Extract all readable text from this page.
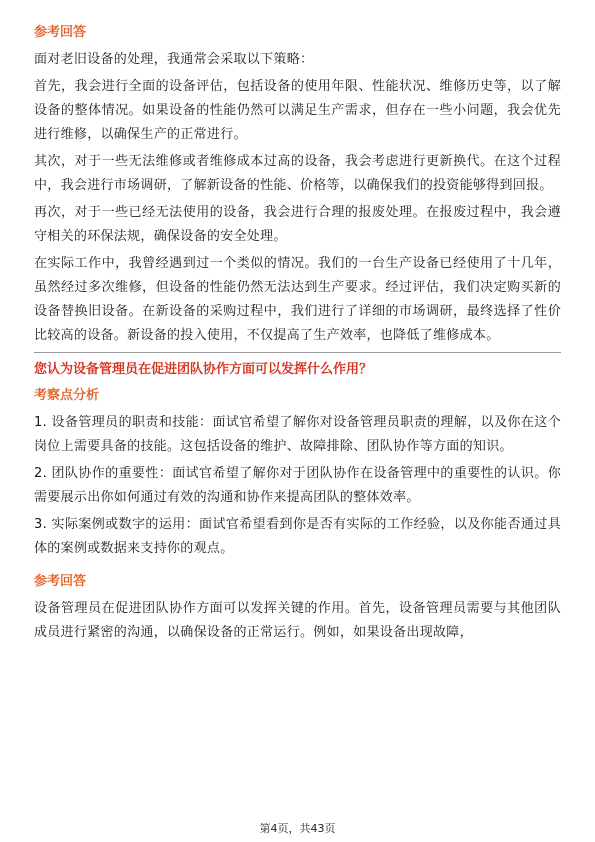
参考回答

面对老旧设备的处理，我通常会采取以下策略：

首先，我会进行全面的设备评估，包括设备的使用年限、性能状况、维修历史等，以了解设备的整体情况。如果设备的性能仍然可以满足生产需求，但存在一些小问题，我会优先进行维修，以确保生产的正常进行。

其次，对于一些无法维修或者维修成本过高的设备，我会考虑进行更新换代。在这个过程中，我会进行市场调研，了解新设备的性能、价格等，以确保我们的投资能够得到回报。

再次，对于一些已经无法使用的设备，我会进行合理的报废处理。在报废过程中，我会遵守相关的环保法规，确保设备的安全处理。

在实际工作中，我曾经遇到过一个类似的情况。我们的一台生产设备已经使用了十几年，虽然经过多次维修，但设备的性能仍然无法达到生产要求。经过评估，我们决定购买新的设备替换旧设备。在新设备的采购过程中，我们进行了详细的市场调研，最终选择了性价比较高的设备。新设备的投入使用，不仅提高了生产效率，也降低了维修成本。

您认为设备管理员在促进团队协作方面可以发挥什么作用？
考察点分析

1. 设备管理员的职责和技能：面试官希望了解你对设备管理员职责的理解，以及你在这个岗位上需要具备的技能。这包括设备的维护、故障排除、团队协作等方面的知识。

2. 团队协作的重要性：面试官希望了解你对于团队协作在设备管理中的重要性的认识。你需要展示出你如何通过有效的沟通和协作来提高团队的整体效率。

3. 实际案例或数字的运用：面试官希望看到你是否有实际的工作经验，以及你能否通过具体的案例或数据来支持你的观点。

参考回答

设备管理员在促进团队协作方面可以发挥关键的作用。首先，设备管理员需要与其他团队成员进行紧密的沟通，以确保设备的正常运行。例如，如果设备出现故障，

第4页，共43页
